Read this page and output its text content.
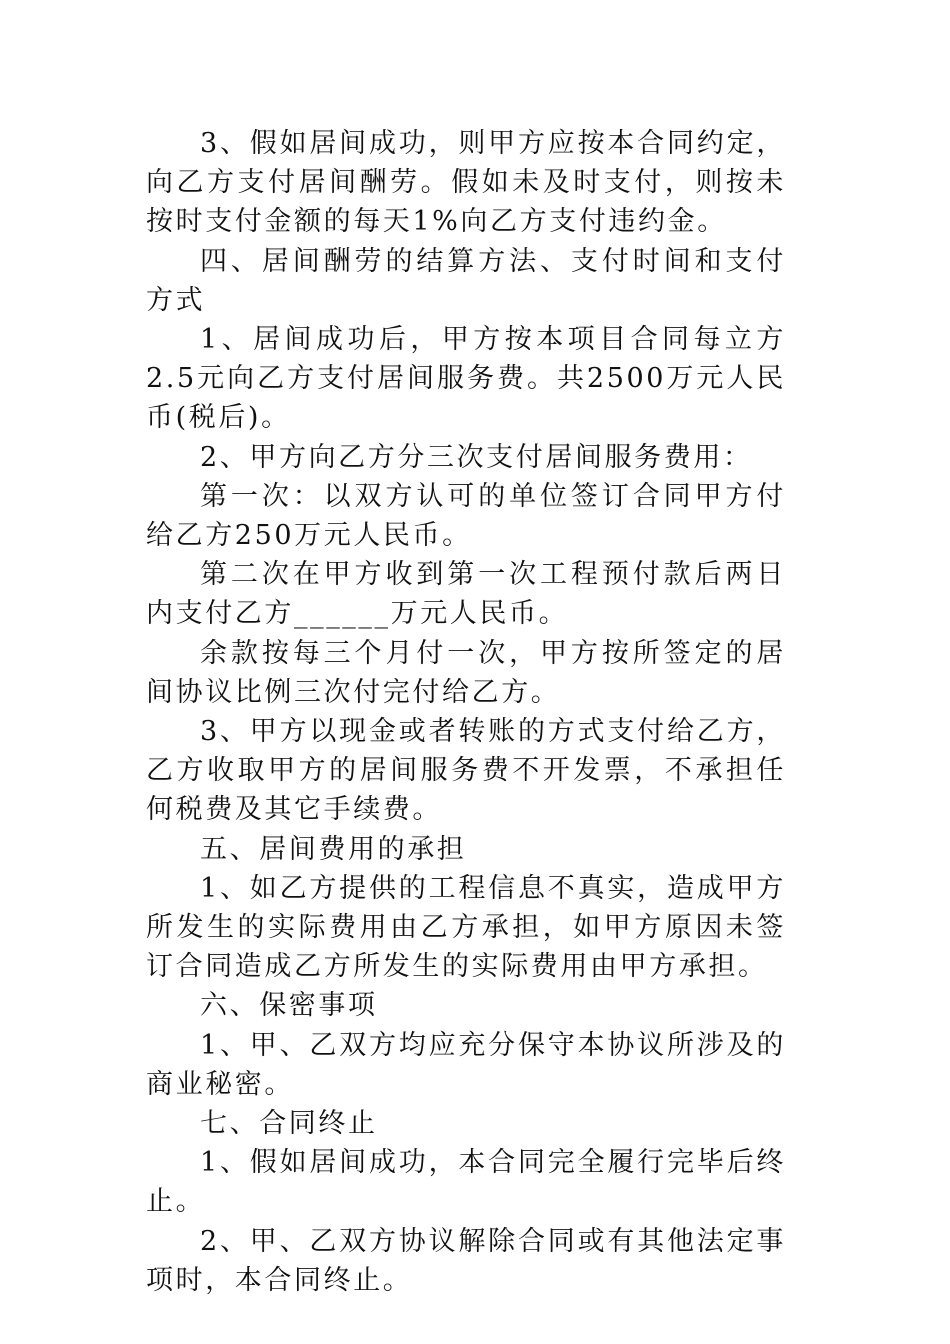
3、假如居间成功，则甲方应按本合同约定，向乙方支付居间酬劳。假如未及时支付，则按未按时支付金额的每天1%向乙方支付违约金。

四、居间酬劳的结算方法、支付时间和支付方式

1、居间成功后，甲方按本项目合同每立方2.5元向乙方支付居间服务费。共2500万元人民币(税后)。

2、甲方向乙方分三次支付居间服务费用：

第一次：以双方认可的单位签订合同甲方付给乙方250万元人民币。

第二次在甲方收到第一次工程预付款后两日内支付乙方______万元人民币。

余款按每三个月付一次，甲方按所签定的居间协议比例三次付完付给乙方。

3、甲方以现金或者转账的方式支付给乙方，乙方收取甲方的居间服务费不开发票，不承担任何税费及其它手续费。

五、居间费用的承担

1、如乙方提供的工程信息不真实，造成甲方所发生的实际费用由乙方承担，如甲方原因未签订合同造成乙方所发生的实际费用由甲方承担。

六、保密事项

1、甲、乙双方均应充分保守本协议所涉及的商业秘密。

七、合同终止

1、假如居间成功，本合同完全履行完毕后终止。

2、甲、乙双方协议解除合同或有其他法定事项时，本合同终止。
